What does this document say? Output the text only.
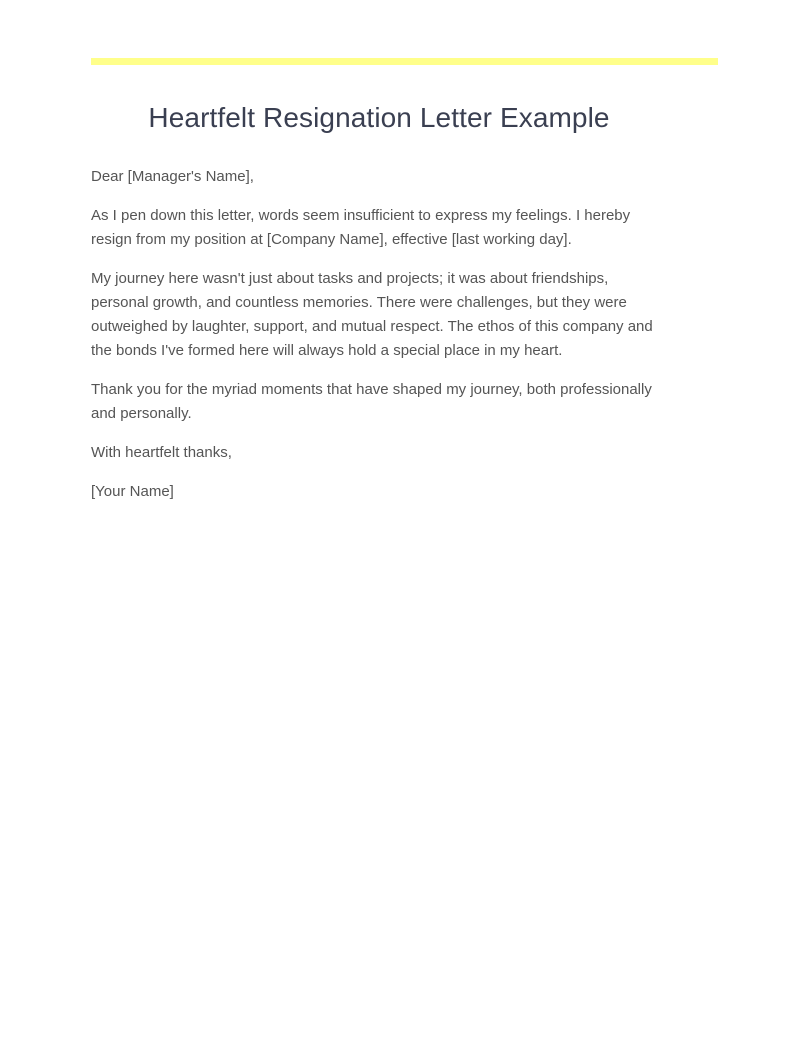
Heartfelt Resignation Letter Example

Dear [Manager's Name],

As I pen down this letter, words seem insufficient to express my feelings. I hereby resign from my position at [Company Name], effective [last working day].

My journey here wasn't just about tasks and projects; it was about friendships, personal growth, and countless memories. There were challenges, but they were outweighed by laughter, support, and mutual respect. The ethos of this company and the bonds I've formed here will always hold a special place in my heart.

Thank you for the myriad moments that have shaped my journey, both professionally and personally.

With heartfelt thanks,

[Your Name]
